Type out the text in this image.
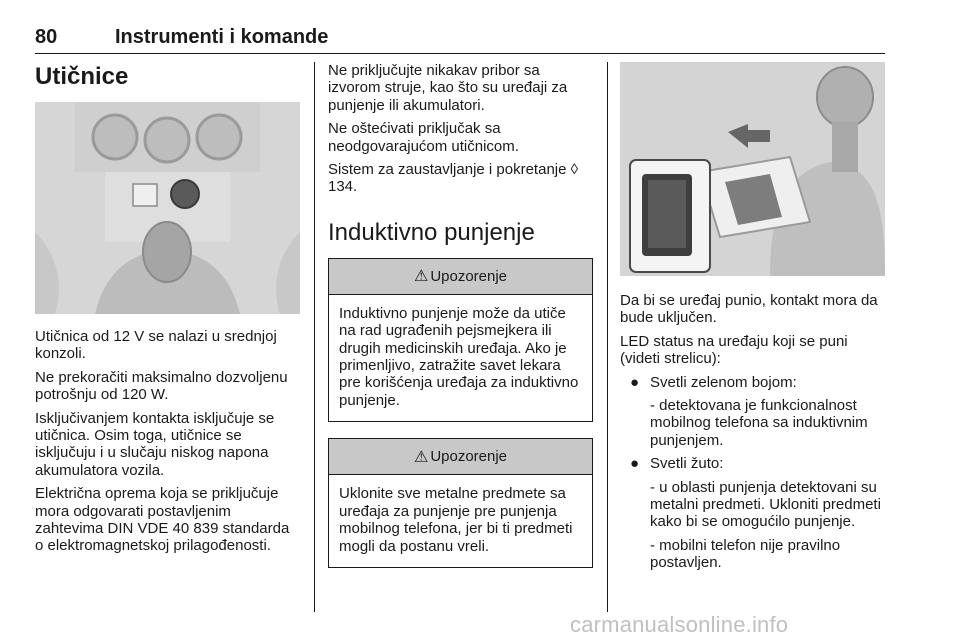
80	Instrumenti i komande
Utičnice

Utičnica od 12 V se nalazi u srednjoj konzoli.

Ne prekoračiti maksimalno dozvoljenu potrošnju od 120 W.

Isključivanjem kontakta isključuje se utičnica. Osim toga, utičnice se isključuju i u slučaju niskog napona akumulatora vozila.

Električna oprema koja se priključuje mora odgovarati postavljenim zahtevima DIN VDE 40 839 standarda o elektromagnetskoj prilagođenosti.

Ne priključujte nikakav pribor sa izvorom struje, kao što su uređaji za punjenje ili akumulatori.

Ne oštećivati priključak sa neodgovarajućom utičnicom.

Sistem za zaustavljanje i pokretanje ◊ 134.

Induktivno punjenje
⚠ Upozorenje
Induktivno punjenje može da utiče na rad ugrađenih pejsmejkera ili drugih medicinskih uređaja. Ako je primenljivo, zatražite savet lekara pre korišćenja uređaja za induktivno punjenje.
⚠ Upozorenje
Uklonite sve metalne predmete sa uređaja za punjenje pre punjenja mobilnog telefona, jer bi ti predmeti mogli da postanu vreli.

Da bi se uređaj punio, kontakt mora da bude uključen.

LED status na uređaju koji se puni (videti strelicu):

● Svetli zelenom bojom:
- detektovana je funkcionalnost mobilnog telefona sa induktivnim punjenjem.
● Svetli žuto:
- u oblasti punjenja detektovani su metalni predmeti. Ukloniti predmeti kako bi se omogućilo punjenje.
- mobilni telefon nije pravilno postavljen.
carmanualsonline.info
